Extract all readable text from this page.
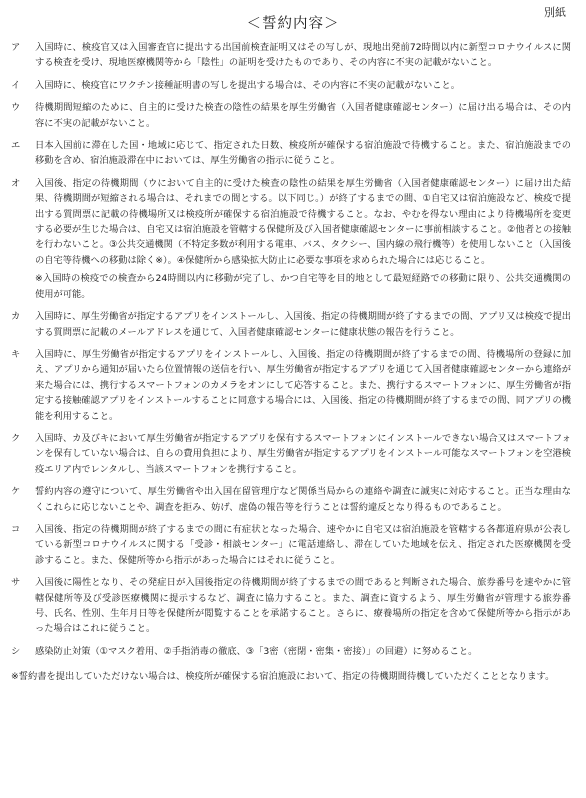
別紙
＜誓約内容＞
ア	入国時に、検疫官又は入国審査官に提出する出国前検査証明又はその写しが、現地出発前72時間以内に新型コロナウイルスに関する検査を受け、現地医療機関等から「陰性」の証明を受けたものであり、その内容に不実の記載がないこと。
イ	入国時に、検疫官にワクチン接種証明書の写しを提出する場合は、その内容に不実の記載がないこと。
ウ	待機期間短縮のために、自主的に受けた検査の陰性の結果を厚生労働省（入国者健康確認センター）に届け出る場合は、その内容に不実の記載がないこと。
エ	日本入国前に滞在した国・地域に応じて、指定された日数、検疫所が確保する宿泊施設で待機すること。また、宿泊施設までの移動を含め、宿泊施設滞在中においては、厚生労働省の指示に従うこと。
オ	入国後、指定の待機期間（ウにおいて自主的に受けた検査の陰性の結果を厚生労働省（入国者健康確認センター）に届け出た結果、待機期間が短縮される場合は、それまでの間とする。以下同じ。）が終了するまでの間、①自宅又は宿泊施設など、検疫で提出する質問票に記載の待機場所又は検疫所が確保する宿泊施設で待機すること。なお、やむを得ない理由により待機場所を変更する必要が生じた場合は、自宅又は宿泊施設を管轄する保健所及び入国者健康確認センターに事前相談すること。②他者との接触を行わないこと。③公共交通機関（不特定多数が利用する電車、バス、タクシー、国内線の飛行機等）を使用しないこと（入国後の自宅等待機への移動は除く※）。④保健所から感染拡大防止に必要な事項を求められた場合には応じること。
※入国時の検疫での検査から24時間以内に移動が完了し、かつ自宅等を目的地として最短経路での移動に限り、公共交通機関の使用が可能。
カ	入国時に、厚生労働省が指定するアプリをインストールし、入国後、指定の待機期間が終了するまでの間、アプリ又は検疫で提出する質問票に記載のメールアドレスを通じて、入国者健康確認センターに健康状態の報告を行うこと。
キ	入国時に、厚生労働省が指定するアプリをインストールし、入国後、指定の待機期間が終了するまでの間、待機場所の登録に加え、アプリから通知が届いたら位置情報の送信を行い、厚生労働省が指定するアプリを通じて入国者健康確認センターから連絡が来た場合には、携行するスマートフォンのカメラをオンにして応答すること。また、携行するスマートフォンに、厚生労働省が指定する接触確認アプリをインストールすることに同意する場合には、入国後、指定の待機期間が終了するまでの間、同アプリの機能を利用すること。
ク	入国時、カ及びキにおいて厚生労働省が指定するアプリを保有するスマートフォンにインストールできない場合又はスマートフォンを保有していない場合は、自らの費用負担により、厚生労働省が指定するアプリをインストール可能なスマートフォンを空港検疫エリア内でレンタルし、当該スマートフォンを携行すること。
ケ	誓約内容の遵守について、厚生労働省や出入国在留管理庁など関係当局からの連絡や調査に誠実に対応すること。正当な理由なくこれらに応じないことや、調査を拒み、妨げ、虚偽の報告等を行うことは誓約違反となり得るものであること。
コ	入国後、指定の待機期間が終了するまでの間に有症状となった場合、速やかに自宅又は宿泊施設を管轄する各都道府県が公表している新型コロナウイルスに関する「受診・相談センター」に電話連絡し、滞在していた地域を伝え、指定された医療機関を受診すること。また、保健所等から指示があった場合にはそれに従うこと。
サ	入国後に陽性となり、その発症日が入国後指定の待機期間が終了するまでの間であると判断された場合、旅券番号を速やかに管轄保健所等及び受診医療機関に提示するなど、調査に協力すること。また、調査に資するよう、厚生労働省が管理する旅券番号、氏名、性別、生年月日等を保健所が閲覧することを承諾すること。さらに、療養場所の指定を含めて保健所等から指示があった場合はこれに従うこと。
シ	感染防止対策（①マスク着用、②手指消毒の徹底、③「3密（密閉・密集・密接）」の回避）に努めること。
※誓約書を提出していただけない場合は、検疫所が確保する宿泊施設において、指定の待機期間待機していただくこととなります。
